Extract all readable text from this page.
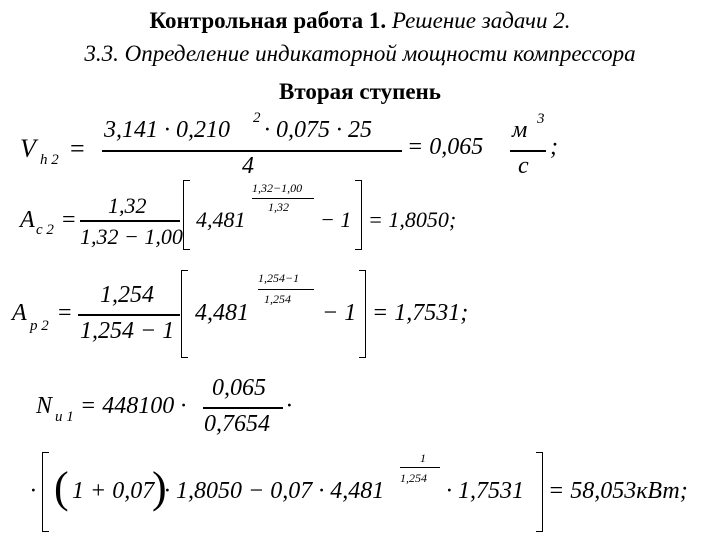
Контрольная работа 1. Решение задачи 2.
3.3. Определение индикаторной мощности компрессора
Вторая ступень
V h 2 =
3,141 · 0,210 2 · 0,075 · 25
4
= 0,065
м 3
с
;
A c 2 =
1,32
1,32 − 1,00
4,481
1,32−1,00
1,32 − 1 = 1,8050;
A p 2 =
1,254
1,254 − 1
4,481
1,254−1
1,254
− 1 = 1,7531;
N u 1 = 448100 ·
0,065
0,7654
·
· ( 1 + 0,07
)
· 1,8050 − 0,07 · 4,481
1
1,254 · 1,7531 = 58,053кВт;
